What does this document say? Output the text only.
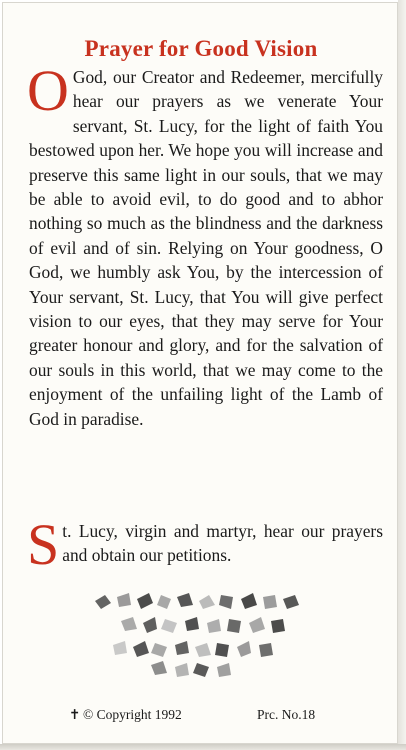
Prayer for Good Vision
O God, our Creator and Redeemer, mercifully hear our prayers as we venerate Your servant, St. Lucy, for the light of faith You bestowed upon her. We hope you will increase and preserve this same light in our souls, that we may be able to avoid evil, to do good and to abhor nothing so much as the blindness and the darkness of evil and of sin. Relying on Your goodness, O God, we humbly ask You, by the intercession of Your servant, St. Lucy, that You will give perfect vision to our eyes, that they may serve for Your greater honour and glory, and for the salvation of our souls in this world, that we may come to the enjoyment of the unfailing light of the Lamb of God in paradise.
St. Lucy, virgin and martyr, hear our prayers and obtain our petitions.
✝ © Copyright 1992	Prc. No.18
